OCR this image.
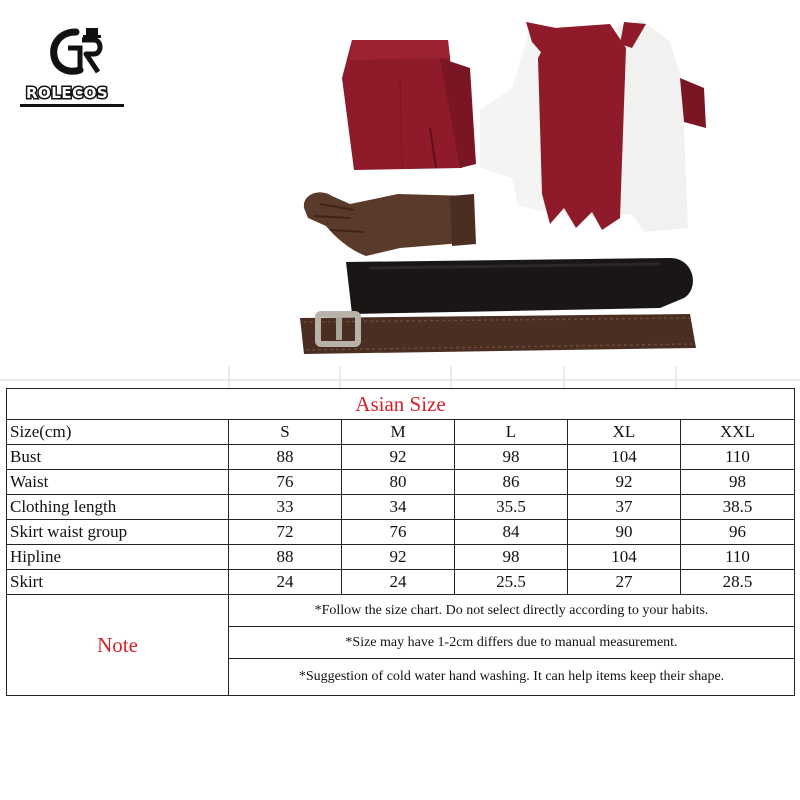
ROLECOS
Asian Size					
Size(cm)	S	M	L	XL	XXL
Bust	88	92	98	104	110
Waist	76	80	86	92	98
Clothing length	33	34	35.5	37	38.5
Skirt waist group	72	76	84	90	96
Hipline	88	92	98	104	110
Skirt	24	24	25.5	27	28.5
Note	*Follow the size chart. Do not select directly according to your habits.				
	*Size may have 1-2cm differs due to manual measurement.				
	*Suggestion of cold water hand washing. It can help items keep their shape.				
